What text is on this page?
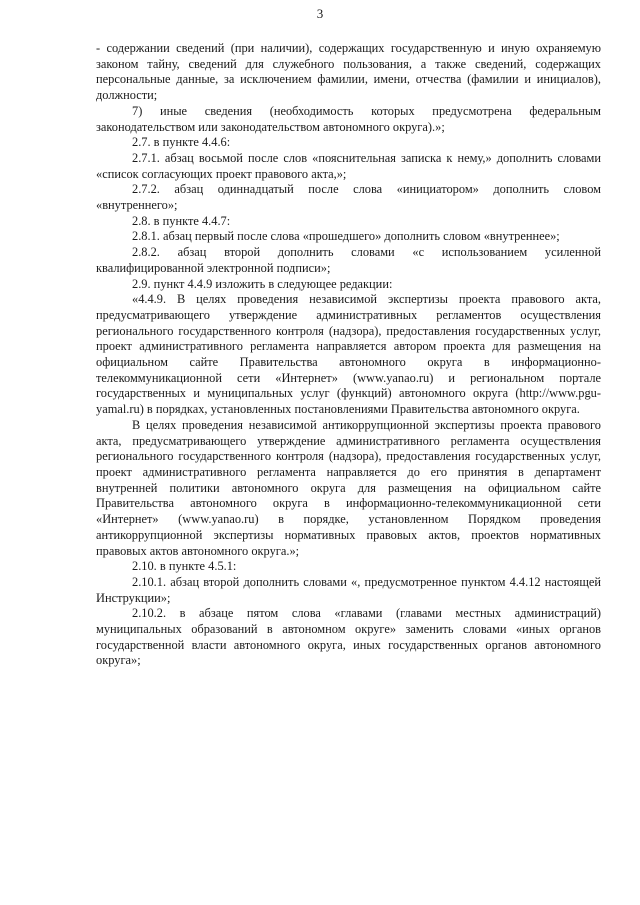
3

- содержании сведений (при наличии), содержащих государственную и иную охраняемую законом тайну, сведений для служебного пользования, а также сведений, содержащих персональные данные, за исключением фамилии, имени, отчества (фамилии и инициалов), должности;

7) иные сведения (необходимость которых предусмотрена федеральным законодательством или законодательством автономного округа).»;

2.7. в пункте 4.4.6:

2.7.1. абзац восьмой после слов «пояснительная записка к нему,» дополнить словами «список согласующих проект правового акта,»;

2.7.2. абзац одиннадцатый после слова «инициатором» дополнить словом «внутреннего»;

2.8. в пункте 4.4.7:

2.8.1. абзац первый после слова «прошедшего» дополнить словом «внутреннее»;

2.8.2. абзац второй дополнить словами «с использованием усиленной квалифицированной электронной подписи»;

2.9. пункт 4.4.9 изложить в следующее редакции:

«4.4.9. В целях проведения независимой экспертизы проекта правового акта, предусматривающего утверждение административных регламентов осуществления регионального государственного контроля (надзора), предоставления государственных услуг, проект административного регламента направляется автором проекта для размещения на официальном сайте Правительства автономного округа в информационно-телекоммуникационной сети «Интернет» (www.yanao.ru) и региональном портале государственных и муниципальных услуг (функций) автономного округа (http://www.pgu-yamal.ru) в порядках, установленных постановлениями Правительства автономного округа.

В целях проведения независимой антикоррупционной экспертизы проекта правового акта, предусматривающего утверждение административного регламента осуществления регионального государственного контроля (надзора), предоставления государственных услуг, проект административного регламента направляется до его принятия в департамент внутренней политики автономного округа для размещения на официальном сайте Правительства автономного округа в информационно-телекоммуникационной сети «Интернет» (www.yanao.ru) в порядке, установленном Порядком проведения антикоррупционной экспертизы нормативных правовых актов, проектов нормативных правовых актов автономного округа.»;

2.10. в пункте 4.5.1:

2.10.1. абзац второй дополнить словами «, предусмотренное пунктом 4.4.12 настоящей Инструкции»;

2.10.2. в абзаце пятом слова «главами (главами местных администраций) муниципальных образований в автономном округе» заменить словами «иных органов государственной власти автономного округа, иных государственных органов автономного округа»;
